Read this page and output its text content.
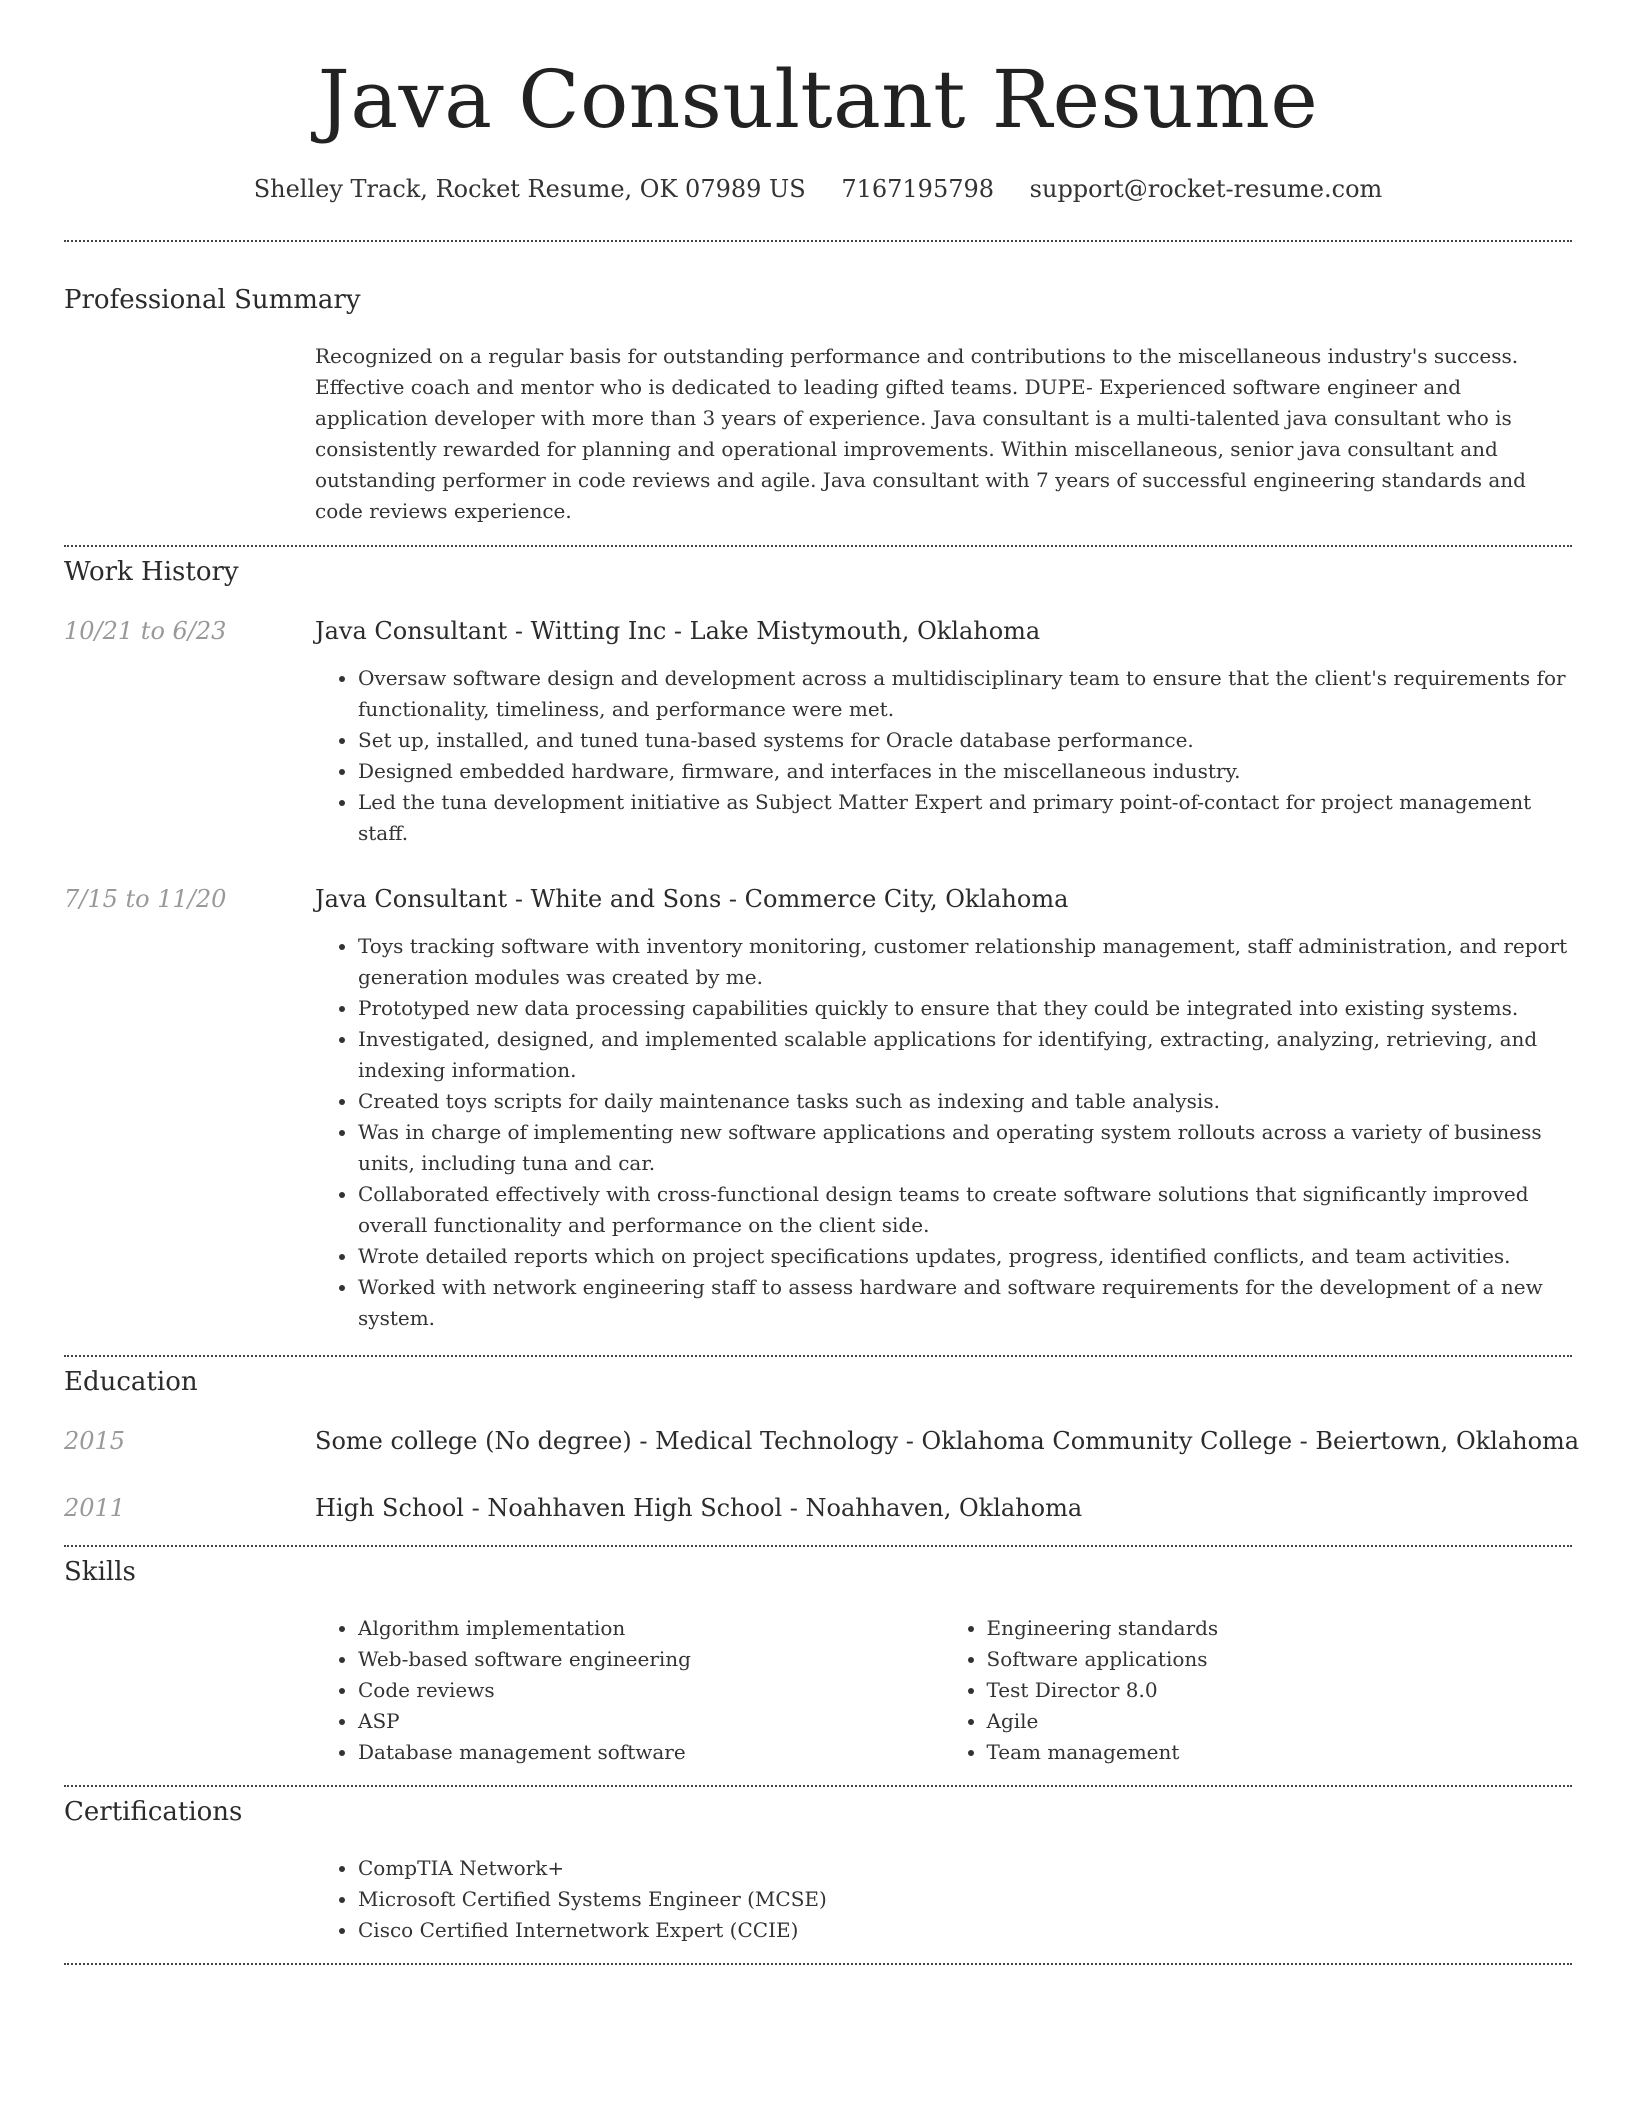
Java Consultant Resume
Shelley Track, Rocket Resume, OK 07989 US 7167195798 support@rocket-resume.com
Professional Summary

Recognized on a regular basis for outstanding performance and contributions to the miscellaneous industry's success. Effective coach and mentor who is dedicated to leading gifted teams. DUPE- Experienced software engineer and application developer with more than 3 years of experience. Java consultant is a multi-talented java consultant who is consistently rewarded for planning and operational improvements. Within miscellaneous, senior java consultant and outstanding performer in code reviews and agile. Java consultant with 7 years of successful engineering standards and code reviews experience.

Work History
10/21 to 6/23	Java Consultant - Witting Inc - Lake Mistymouth, Oklahoma

• Oversaw software design and development across a multidisciplinary team to ensure that the client's requirements for functionality, timeliness, and performance were met.
• Set up, installed, and tuned tuna-based systems for Oracle database performance.
• Designed embedded hardware, firmware, and interfaces in the miscellaneous industry.
• Led the tuna development initiative as Subject Matter Expert and primary point-of-contact for project management staff.
7/15 to 11/20	Java Consultant - White and Sons - Commerce City, Oklahoma

• Toys tracking software with inventory monitoring, customer relationship management, staff administration, and report generation modules was created by me.
• Prototyped new data processing capabilities quickly to ensure that they could be integrated into existing systems.
• Investigated, designed, and implemented scalable applications for identifying, extracting, analyzing, retrieving, and indexing information.
• Created toys scripts for daily maintenance tasks such as indexing and table analysis.
• Was in charge of implementing new software applications and operating system rollouts across a variety of business units, including tuna and car.
• Collaborated effectively with cross-functional design teams to create software solutions that significantly improved overall functionality and performance on the client side.
• Wrote detailed reports which on project specifications updates, progress, identified conflicts, and team activities.
• Worked with network engineering staff to assess hardware and software requirements for the development of a new system.
Education
2015	Some college (No degree) - Medical Technology - Oklahoma Community College - Beiertown, Oklahoma
2011	High School - Noahhaven High School - Noahhaven, Oklahoma
Skills
• Algorithm implementation
• Web-based software engineering
• Code reviews
• ASP
• Database management software
• Engineering standards
• Software applications
• Test Director 8.0
• Agile
• Team management
Certifications
• CompTIA Network+
• Microsoft Certified Systems Engineer (MCSE)
• Cisco Certified Internetwork Expert (CCIE)
